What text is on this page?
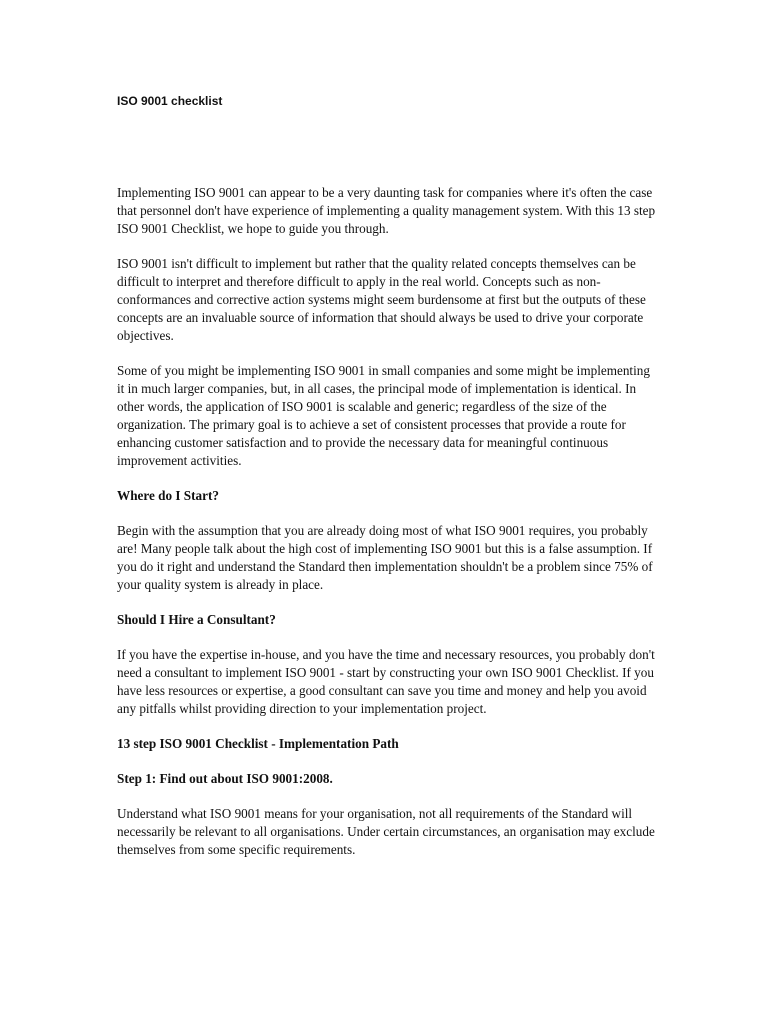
ISO 9001 checklist

Implementing ISO 9001 can appear to be a very daunting task for companies where it's often the case that personnel don't have experience of implementing a quality management system. With this 13 step ISO 9001 Checklist, we hope to guide you through.

ISO 9001 isn't difficult to implement but rather that the quality related concepts themselves can be difficult to interpret and therefore difficult to apply in the real world. Concepts such as non-conformances and corrective action systems might seem burdensome at first but the outputs of these concepts are an invaluable source of information that should always be used to drive your corporate objectives.

Some of you might be implementing ISO 9001 in small companies and some might be implementing it in much larger companies, but, in all cases, the principal mode of implementation is identical. In other words, the application of ISO 9001 is scalable and generic; regardless of the size of the organization. The primary goal is to achieve a set of consistent processes that provide a route for enhancing customer satisfaction and to provide the necessary data for meaningful continuous improvement activities.

Where do I Start?

Begin with the assumption that you are already doing most of what ISO 9001 requires, you probably are! Many people talk about the high cost of implementing ISO 9001 but this is a false assumption. If you do it right and understand the Standard then implementation shouldn't be a problem since 75% of your quality system is already in place.

Should I Hire a Consultant?

If you have the expertise in-house, and you have the time and necessary resources, you probably don't need a consultant to implement ISO 9001 - start by constructing your own ISO 9001 Checklist. If you have less resources or expertise, a good consultant can save you time and money and help you avoid any pitfalls whilst providing direction to your implementation project.

13 step ISO 9001 Checklist - Implementation Path
Step 1: Find out about ISO 9001:2008.

Understand what ISO 9001 means for your organisation, not all requirements of the Standard will necessarily be relevant to all organisations. Under certain circumstances, an organisation may exclude themselves from some specific requirements.
